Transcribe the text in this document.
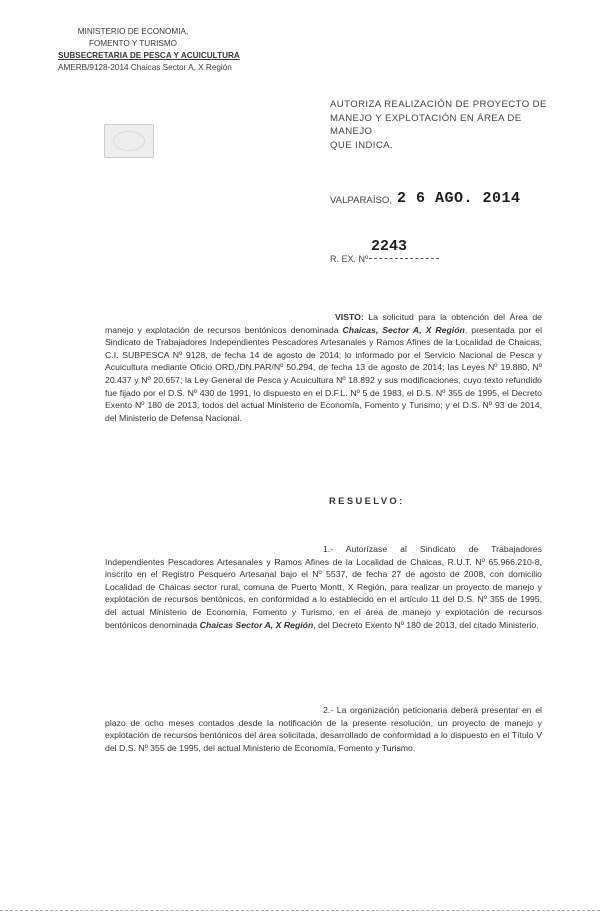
MINISTERIO DE ECONOMIA,
FOMENTO Y TURISMO
SUBSECRETARIA DE PESCA Y ACUICULTURA
AMERB/9128-2014 Chaicas Sector A, X Región
AUTORIZA REALIZACIÓN DE PROYECTO DE
MANEJO Y EXPLOTACIÓN EN ÁREA DE MANEJO
QUE INDICA.
VALPARAÍSO, 2 6 AGO. 2014
R. EX. Nº
2243
VISTO: La solicitud para la obtención del Área de manejo y explotación de recursos bentónicos denominada Chaicas, Sector A, X Región, presentada por el Sindicato de Trabajadores Independientes Pescadores Artesanales y Ramos Afines de la Localidad de Chaicas, C.I. SUBPESCA Nº 9128, de fecha 14 de agosto de 2014; lo informado por el Servicio Nacional de Pesca y Acuicultura mediante Oficio ORD./DN.PAR/Nº 50.294, de fecha 13 de agosto de 2014; las Leyes Nº 19.880, Nº 20.437 y Nº 20.657; la Ley General de Pesca y Acuicultura Nº 18.892 y sus modificaciones, cuyo texto refundido fue fijado por el D.S. Nº 430 de 1991, lo dispuesto en el D.F.L. Nº 5 de 1983, el D.S. Nº 355 de 1995, el Decreto Exento Nº 180 de 2013, todos del actual Ministerio de Economía, Fomento y Turismo; y el D.S. Nº 93 de 2014, del Ministerio de Defensa Nacional.
RESUELVO:
1.- Autorízase al Sindicato de Trabajadores Independientes Pescadores Artesanales y Ramos Afines de la Localidad de Chaicas, R.U.T. Nº 65.966.210-8, inscrito en el Registro Pesquero Artesanal bajo el Nº 5537, de fecha 27 de agosto de 2008, con domicilio Localidad de Chaicas sector rural, comuna de Puerto Montt, X Región, para realizar un proyecto de manejo y explotación de recursos bentónicos, en conformidad a lo establecido en el artículo 11 del D.S. Nº 355 de 1995, del actual Ministerio de Economía, Fomento y Turismo, en el área de manejo y explotación de recursos bentónicos denominada Chaicas Sector A, X Región, del Decreto Exento Nº 180 de 2013, del citado Ministerio.
2.- La organización peticionaria deberá presentar en el plazo de ocho meses contados desde la notificación de la presente resolución, un proyecto de manejo y explotación de recursos bentónicos del área solicitada, desarrollado de conformidad a lo dispuesto en el Título V del D.S. Nº 355 de 1995, del actual Ministerio de Economía, Fomento y Turismo.
